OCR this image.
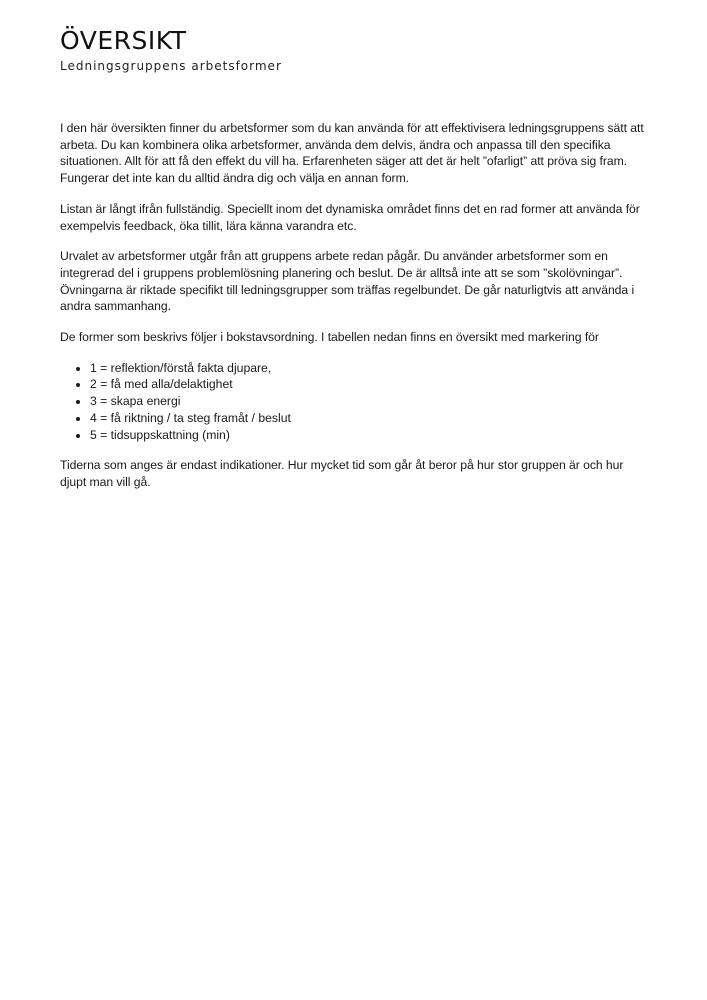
ÖVERSIKT
Ledningsgruppens arbetsformer

I den här översikten finner du arbetsformer som du kan använda för att effektivisera ledningsgruppens sätt att arbeta. Du kan kombinera olika arbetsformer, använda dem delvis, ändra och anpassa till den specifika situationen. Allt för att få den effekt du vill ha. Erfarenheten säger att det är helt ”ofarligt” att pröva sig fram. Fungerar det inte kan du alltid ändra dig och välja en annan form.

Listan är långt ifrån fullständig. Speciellt inom det dynamiska området finns det en rad former att använda för exempelvis feedback, öka tillit, lära känna varandra etc.

Urvalet av arbetsformer utgår från att gruppens arbete redan pågår. Du använder arbetsformer som en integrerad del i gruppens problemlösning planering och beslut. De är alltså inte att se som ”skolövningar”. Övningarna är riktade specifikt till ledningsgrupper som träffas regelbundet. De går naturligtvis att använda i andra sammanhang.

De former som beskrivs följer i bokstavsordning. I tabellen nedan finns en översikt med markering för

• 1 = reflektion/förstå fakta djupare,
• 2 = få med alla/delaktighet
• 3 = skapa energi
• 4 = få riktning / ta steg framåt / beslut
• 5 = tidsuppskattning (min)

Tiderna som anges är endast indikationer. Hur mycket tid som går åt beror på hur stor gruppen är och hur djupt man vill gå.
